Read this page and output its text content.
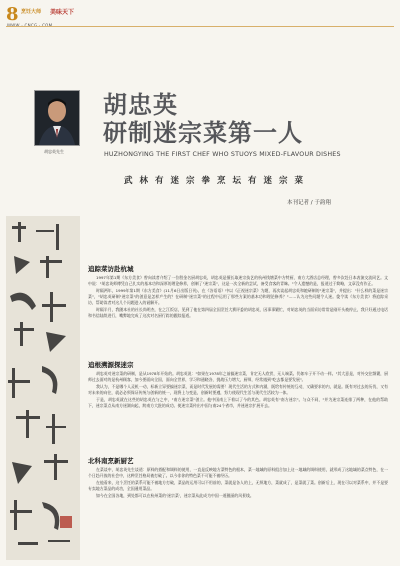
8 烹饪大师 美味天下
胡忠英先生
胡忠英
研制迷宗菜第一人
HUZHONGYING THE FIRST CHEF WHO STUOYS MIXED-FLAVOUR DISHES
武林有迷宗拳烹坛有迷宗菜
本刊记者 / 于韵翔
追踪菜访赴杭城

1997年第1期《东方美食》曾向读者介绍了一位殷金名厨胡忠英，胡忠英是擅长取迷宗技艺的杭州钱塘菜中方特厨，南方大酒店总经理，曾多次赴日本表演交流同艺。文中说："胡忠英师傅凭自己扎实的基本功和深厚的理论修养，创制了"迷宗菜"，这是一次全新的尝试，备受食客的青睐。"令人遗憾的是，报道过于简略，文章没有作正。

时隔两年，1999年第1期《东方美食》(11月6日出版日刊)，在《各语语》中以《正视迷宗菜》为题，再次谈起胡忠英和她研制的"迷宗菜"，并提出："什么样的菜是迷宗菜"，"胡忠英研制"迷宗菜"的创意是怎样产生的？在研制"迷宗菜"的过程中运用了那些方案的基本功和理论修养？"……认为这些问题令人迷。俊令读《东方美食》将追踪采访，帮助读者对这几个问题进入的谜解开。

时隔半月，我随本社的社长尚明杰，在之江饭店，见到了他在第四届全国烹饪大赛评委的胡忠英，因事事繁忙，对胡忠英的当面采访常常是刚开头被停止，我只好通过电话和书信陆续进行，嘴弊地完成了这次对名厨行踪的跟踪报道。

追根溯源探迷宗

胡忠英对迷宗菜的研制，是从1978年开始的。胡忠英说："如果在1978年之前搞迷宗菜，肯定无人欣赏，无人端菜。仍如车子开不动一样。"其大意是，对外交往频繁，厨师过去面对的是杭州顾客，加今要面向全国，面向全世界，学习和通晓各，挑战压力增大，厨师，经常遇到"吃去都是要发展"。

我认为，不是哪个人灵机一动，标新立异要搞迷宗菜，而是时代发展的需要！现代生活的方式和内涵，既给有传统的互动，又确要求的内，就是。既有对过去的历伐，又有对未来的向往，就必必须保证传统与创新的统一，现将上与变是，创新时要遵，努力使现代生活与现代生活较为一体。

于是，胡忠英就在这些的胡忠英在与之中，"南方迷宗菜"创立。他中国南上下着以了今的其色。胡忠英有"南方迷宗"。与众不同，"并为迷宗菜连排了两种，在他的帮助下，迷宗菜点从南方迷湖向起，跨南方大批的成功。使迷宗菜传出中国与南24个省市，并迷迷宗扩展开去。

北科南烹新厨艺

在菜谈中，胡忠英先生谈道：原料的搭配和调料的使用，一直是反映地方菜特色的根本，菜一地域的原料组合加上这一地域的调料使用，就形成了这地域的菜点特色，在一个日趋开放的社会中，这种烹饪格局被打破了。以今非你的特色菜不可能不被经历。

在他看来，这个烹饪的菜系可能不被地方打破，菜品的运用可以不用前的，菜就是各人的上，无须地方，菜就成了，是菜就了菜。创新后上，现在可以对菜系中，并不是要专卖地方菜品的成功，全国通用菜品。

如今在全国各地，到处都可以在杭州菜的'迷宗菜'，迷宗菜从此成为中国一道靓丽的风景线。
